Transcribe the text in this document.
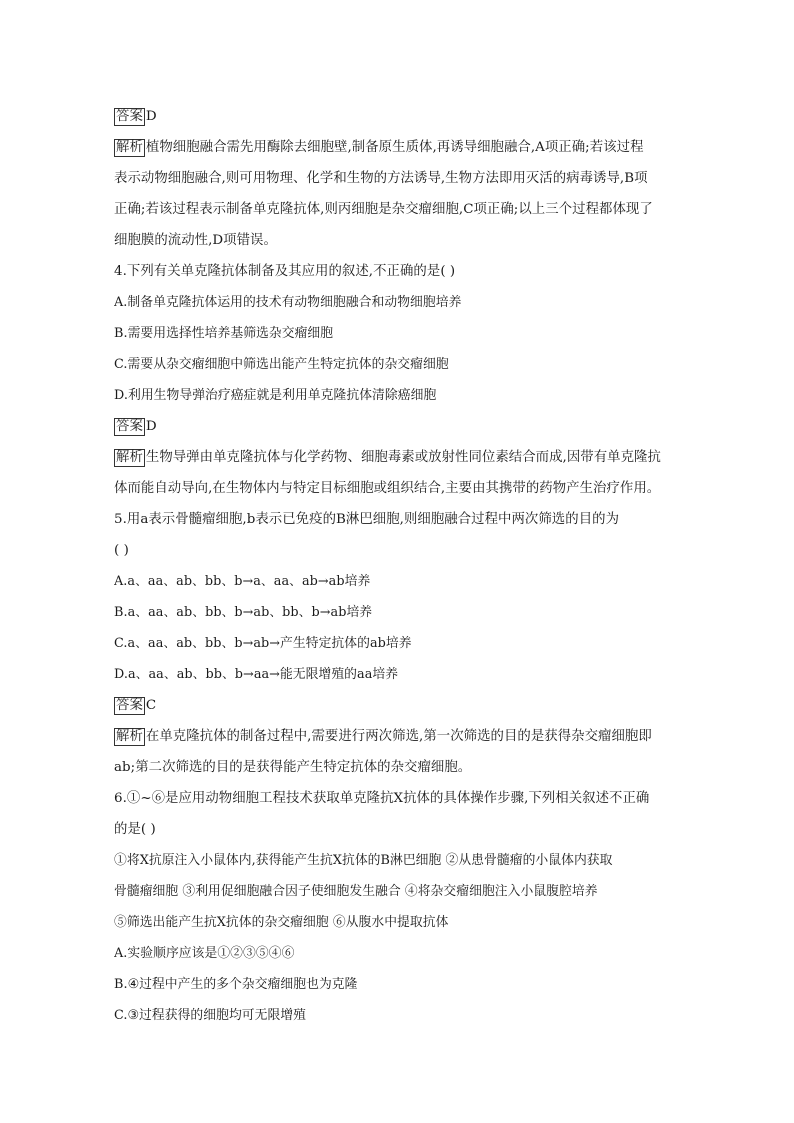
答案 D
解析 植物细胞融合需先用酶除去细胞壁,制备原生质体,再诱导细胞融合,A项正确;若该过程
表示动物细胞融合,则可用物理、化学和生物的方法诱导,生物方法即用灭活的病毒诱导,B项
正确;若该过程表示制备单克隆抗体,则丙细胞是杂交瘤细胞,C项正确;以上三个过程都体现了
细胞膜的流动性,D项错误。
4.下列有关单克隆抗体制备及其应用的叙述,不正确的是( )
A.制备单克隆抗体运用的技术有动物细胞融合和动物细胞培养
B.需要用选择性培养基筛选杂交瘤细胞
C.需要从杂交瘤细胞中筛选出能产生特定抗体的杂交瘤细胞
D.利用生物导弹治疗癌症就是利用单克隆抗体清除癌细胞
答案 D
解析 生物导弹由单克隆抗体与化学药物、细胞毒素或放射性同位素结合而成,因带有单克隆抗
体而能自动导向,在生物体内与特定目标细胞或组织结合,主要由其携带的药物产生治疗作用。
5.用a表示骨髓瘤细胞,b表示已免疫的B淋巴细胞,则细胞融合过程中两次筛选的目的为
( )
A.a、aa、ab、bb、b→a、aa、ab→ab培养
B.a、aa、ab、bb、b→ab、bb、b→ab培养
C.a、aa、ab、bb、b→ab→产生特定抗体的ab培养
D.a、aa、ab、bb、b→aa→能无限增殖的aa培养
答案 C
解析 在单克隆抗体的制备过程中,需要进行两次筛选,第一次筛选的目的是获得杂交瘤细胞即
ab;第二次筛选的目的是获得能产生特定抗体的杂交瘤细胞。
6.①~⑥是应用动物细胞工程技术获取单克隆抗X抗体的具体操作步骤,下列相关叙述不正确
的是( )
①将X抗原注入小鼠体内,获得能产生抗X抗体的B淋巴细胞 ②从患骨髓瘤的小鼠体内获取
骨髓瘤细胞 ③利用促细胞融合因子使细胞发生融合 ④将杂交瘤细胞注入小鼠腹腔培养
⑤筛选出能产生抗X抗体的杂交瘤细胞 ⑥从腹水中提取抗体
A.实验顺序应该是①②③⑤④⑥
B.④过程中产生的多个杂交瘤细胞也为克隆
C.③过程获得的细胞均可无限增殖
